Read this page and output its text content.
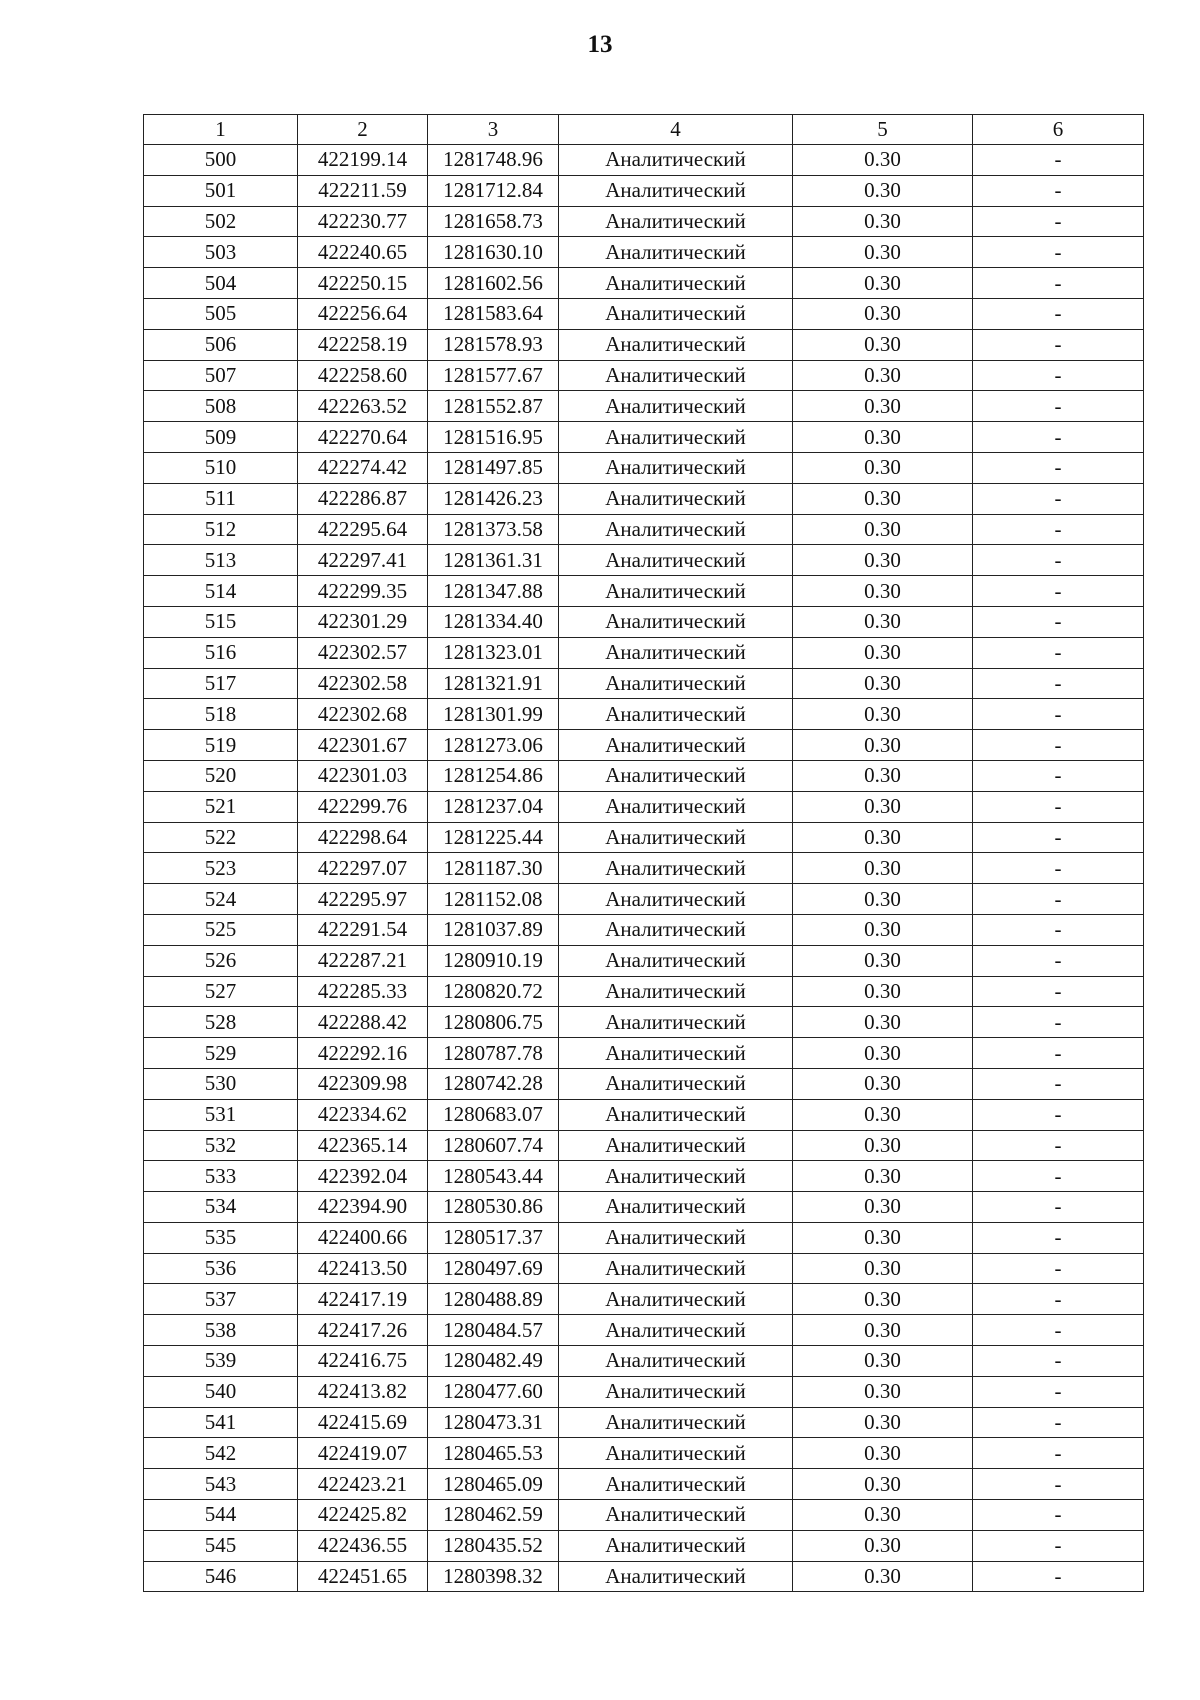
13
1	2	3	4	5	6
500	422199.14	1281748.96	Аналитический	0.30	-
501	422211.59	1281712.84	Аналитический	0.30	-
502	422230.77	1281658.73	Аналитический	0.30	-
503	422240.65	1281630.10	Аналитический	0.30	-
504	422250.15	1281602.56	Аналитический	0.30	-
505	422256.64	1281583.64	Аналитический	0.30	-
506	422258.19	1281578.93	Аналитический	0.30	-
507	422258.60	1281577.67	Аналитический	0.30	-
508	422263.52	1281552.87	Аналитический	0.30	-
509	422270.64	1281516.95	Аналитический	0.30	-
510	422274.42	1281497.85	Аналитический	0.30	-
511	422286.87	1281426.23	Аналитический	0.30	-
512	422295.64	1281373.58	Аналитический	0.30	-
513	422297.41	1281361.31	Аналитический	0.30	-
514	422299.35	1281347.88	Аналитический	0.30	-
515	422301.29	1281334.40	Аналитический	0.30	-
516	422302.57	1281323.01	Аналитический	0.30	-
517	422302.58	1281321.91	Аналитический	0.30	-
518	422302.68	1281301.99	Аналитический	0.30	-
519	422301.67	1281273.06	Аналитический	0.30	-
520	422301.03	1281254.86	Аналитический	0.30	-
521	422299.76	1281237.04	Аналитический	0.30	-
522	422298.64	1281225.44	Аналитический	0.30	-
523	422297.07	1281187.30	Аналитический	0.30	-
524	422295.97	1281152.08	Аналитический	0.30	-
525	422291.54	1281037.89	Аналитический	0.30	-
526	422287.21	1280910.19	Аналитический	0.30	-
527	422285.33	1280820.72	Аналитический	0.30	-
528	422288.42	1280806.75	Аналитический	0.30	-
529	422292.16	1280787.78	Аналитический	0.30	-
530	422309.98	1280742.28	Аналитический	0.30	-
531	422334.62	1280683.07	Аналитический	0.30	-
532	422365.14	1280607.74	Аналитический	0.30	-
533	422392.04	1280543.44	Аналитический	0.30	-
534	422394.90	1280530.86	Аналитический	0.30	-
535	422400.66	1280517.37	Аналитический	0.30	-
536	422413.50	1280497.69	Аналитический	0.30	-
537	422417.19	1280488.89	Аналитический	0.30	-
538	422417.26	1280484.57	Аналитический	0.30	-
539	422416.75	1280482.49	Аналитический	0.30	-
540	422413.82	1280477.60	Аналитический	0.30	-
541	422415.69	1280473.31	Аналитический	0.30	-
542	422419.07	1280465.53	Аналитический	0.30	-
543	422423.21	1280465.09	Аналитический	0.30	-
544	422425.82	1280462.59	Аналитический	0.30	-
545	422436.55	1280435.52	Аналитический	0.30	-
546	422451.65	1280398.32	Аналитический	0.30	-
